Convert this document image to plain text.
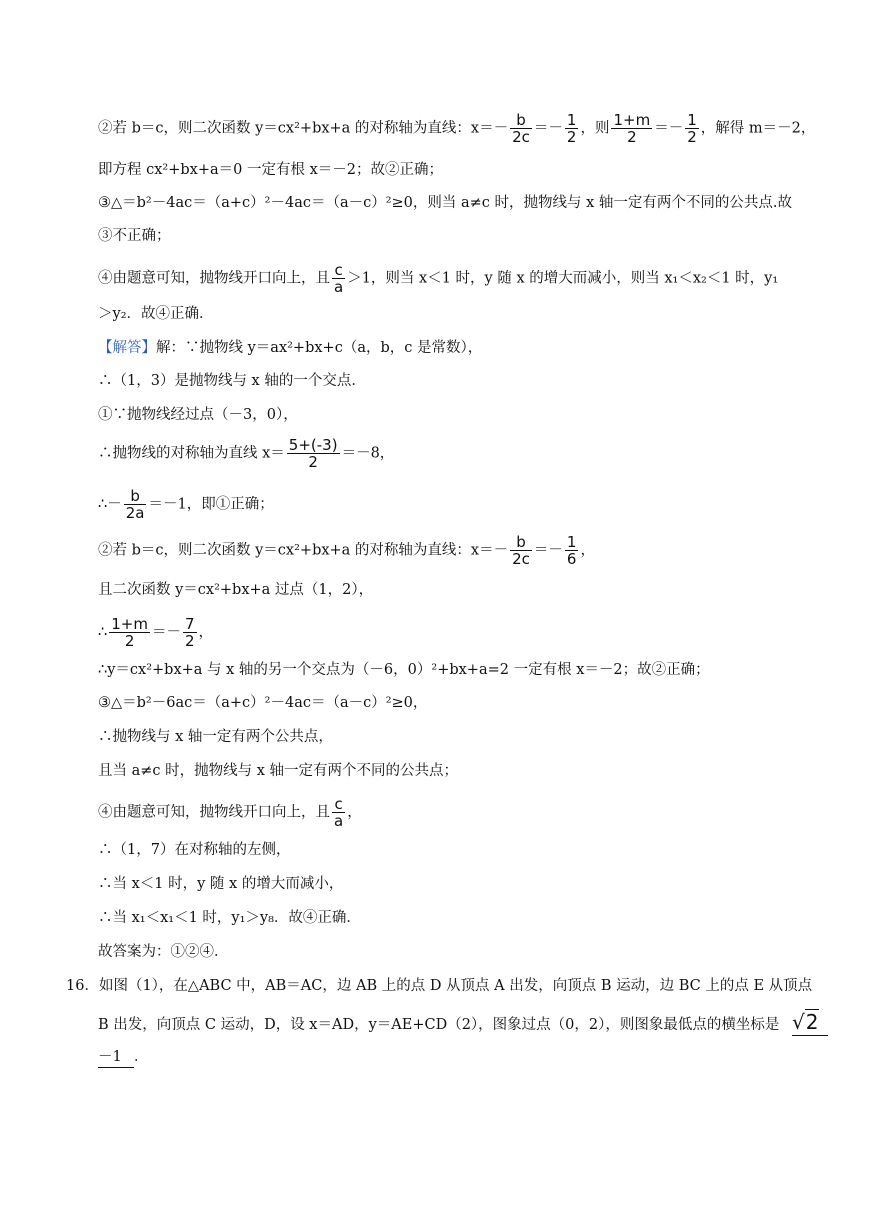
②若 b＝c，则二次函数 y＝cx²+bx+a 的对称轴为直线：$x=- \frac{b}{2c} =- \frac{1}{2}$ ，则 $\frac{1+m}{2} =- \frac{1}{2}$ ，解得 m＝－2，
即方程 cx²+bx+a＝0 一定有根 x＝－2；故②正确；
③△＝b²－4ac＝（a+c）²－4ac＝（a－c）²≥0，则当 a≠c 时，抛物线与 x 轴一定有两个不同的公共点.故
③不正确；
④由题意可知，抛物线开口向上，且 $\frac{c}{a} >1$，则当 x＜1 时，y 随 x 的增大而减小，则当 x₁＜x₂＜1 时，y₁
＞y₂．故④正确．
【解答】解：∵抛物线 y＝ax²+bx+c（a，b，c 是常数），
∴（1，3）是抛物线与 x 轴的一个交点．
①∵抛物线经过点（－3，0），
∴抛物线的对称轴为直线 $x= \frac{5+(-3)}{2} =-8$，
∴－ $\frac{b}{2a} =-1$，即①正确；
②若 b＝c，则二次函数 y＝cx²+bx+a 的对称轴为直线：$x=- \frac{b}{2c} =- \frac{1}{6}$ ，
且二次函数 y＝cx²+bx+a 过点（1，2），
∴ $\frac{1+m}{2} =- \frac{7}{2}$ ，
∴y＝cx²+bx+a 与 x 轴的另一个交点为（－6，0）²+bx+a=2 一定有根 x＝－2；故②正确；
③△＝b²－6ac＝（a+c）²－4ac＝（a－c）²≥0，
∴抛物线与 x 轴一定有两个公共点，
且当 a≠c 时，抛物线与 x 轴一定有两个不同的公共点；
④由题意可知，抛物线开口向上，且 $\frac{c}{a}$ ，
∴（1，7）在对称轴的左侧，
∴当 x＜1 时，y 随 x 的增大而减小，
∴当 x₁＜x₁＜1 时，y₁＞y₈．故④正确．
故答案为：①②④．
16．如图（1），在△ABC 中，AB＝AC，边 AB 上的点 D 从顶点 A 出发，向顶点 B 运动，边 BC 上的点 E 从顶点
B 出发，向顶点 C 运动，D，设 x＝AD，y＝AE+CD（2），图象过点（0，2），则图象最低点的横坐标是 √2
－1 ．
